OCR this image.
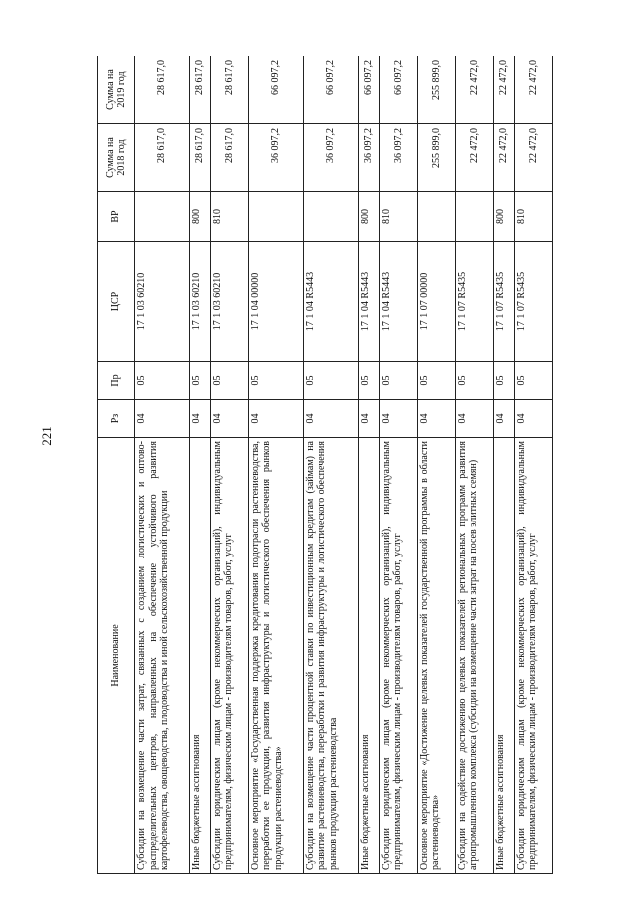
221
Наименование	Рз	Пр	ЦСР	ВР	Сумма на 2018 год	Сумма на 2019 год
Субсидии на возмещение части затрат, связанных с созданием логистических и оптово-распределительных центров, направленных на обеспечение устойчивого развития картофелеводства, овощеводства, плодоводства и иной сельскохозяйственной продукции	04	05	17 1 03 60210		28 617,0	28 617,0
Иные бюджетные ассигнования	04	05	17 1 03 60210	800	28 617,0	28 617,0
Субсидии юридическим лицам (кроме некоммерческих организаций), индивидуальным предпринимателям, физическим лицам - производителям товаров, работ, услуг	04	05	17 1 03 60210	810	28 617,0	28 617,0
Основное мероприятие «Государственная поддержка кредитования подотрасли растениеводства, переработки ее продукции, развития инфраструктуры и логистического обеспечения рынков продукции растениеводства»	04	05	17 1 04 00000		36 097,2	66 097,2
Субсидии на возмещение части процентной ставки по инвестиционным кредитам (займам) на развитие растениеводства, переработки и развития инфраструктуры и логистического обеспечения рынков продукции растениеводства	04	05	17 1 04 R5443		36 097,2	66 097,2
Иные бюджетные ассигнования	04	05	17 1 04 R5443	800	36 097,2	66 097,2
Субсидии юридическим лицам (кроме некоммерческих организаций), индивидуальным предпринимателям, физическим лицам - производителям товаров, работ, услуг	04	05	17 1 04 R5443	810	36 097,2	66 097,2
Основное мероприятие «Достижение целевых показателей государственной программы в области растениеводства»	04	05	17 1 07 00000		255 899,0	255 899,0
Субсидии на содействие достижению целевых показателей региональных программ развития агропромышленного комплекса (субсидии на возмещение части затрат на посев элитных семян)	04	05	17 1 07 R5435		22 472,0	22 472,0
Иные бюджетные ассигнования	04	05	17 1 07 R5435	800	22 472,0	22 472,0
Субсидии юридическим лицам (кроме некоммерческих организаций), индивидуальным предпринимателям, физическим лицам - производителям товаров, работ, услуг	04	05	17 1 07 R5435	810	22 472,0	22 472,0
